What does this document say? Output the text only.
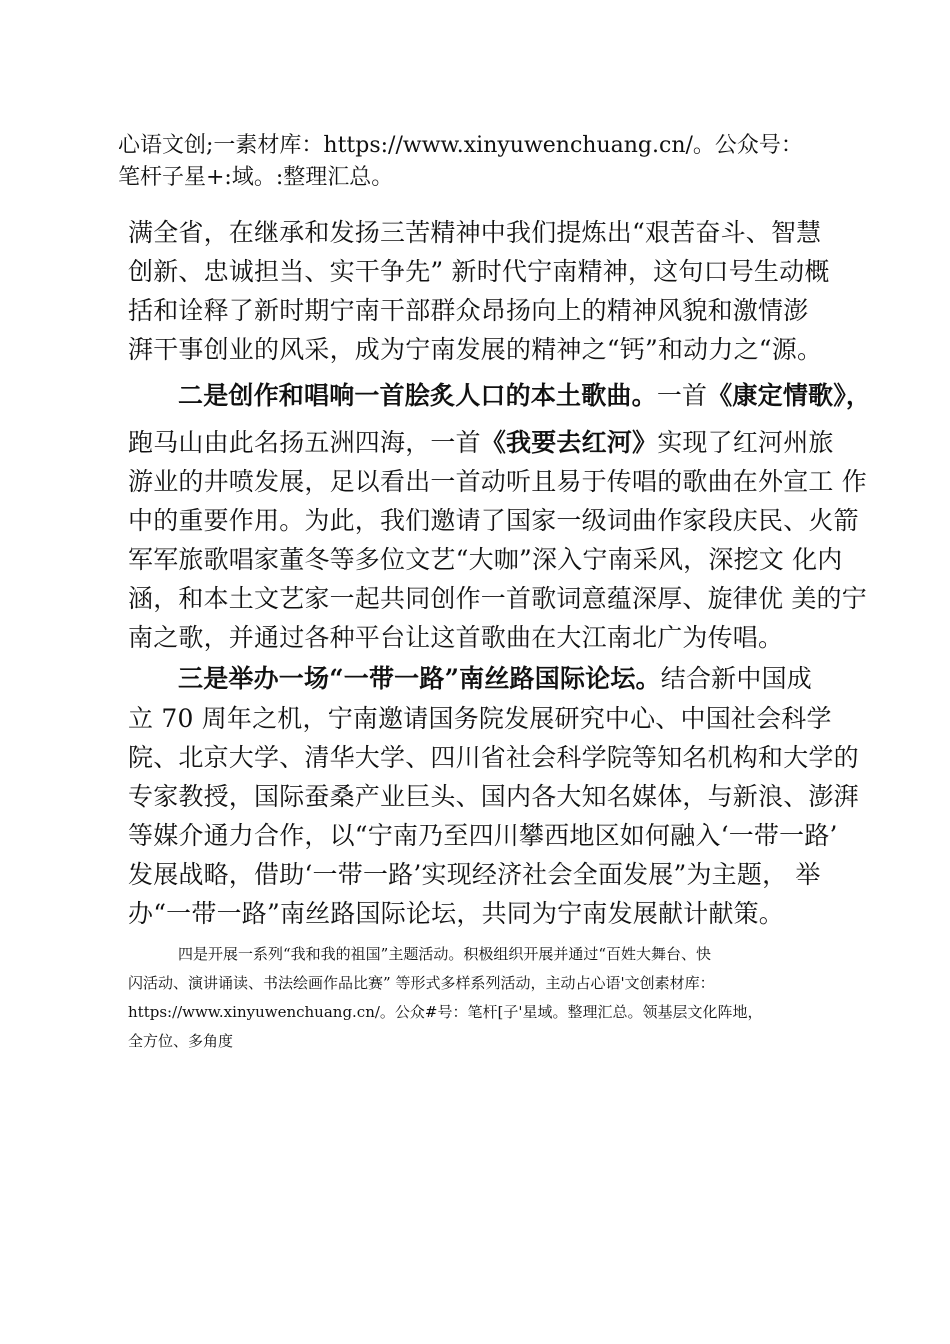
心语文创;一素材库：https://www.xinyuwenchuang.cn/。公众号：
笔杆子星+:域。:整理汇总。
满全省，在继承和发扬三苦精神中我们提炼出“艰苦奋斗、智慧
创新、忠诚担当、实干争先” 新时代宁南精神，这句口号生动概
括和诠释了新时期宁南干部群众昂扬向上的精神风貌和激情澎
湃干事创业的风采，成为宁南发展的精神之“钙”和动力之“源。
二是创作和唱响一首脍炙人口的本土歌曲。一首《康定情歌》，
跑马山由此名扬五洲四海，一首《我要去红河》实现了红河州旅
游业的井喷发展，足以看出一首动听且易于传唱的歌曲在外宣工 作
中的重要作用。为此，我们邀请了国家一级词曲作家段庆民、火箭
军军旅歌唱家董冬等多位文艺“大咖”深入宁南采风，深挖文 化内
涵，和本土文艺家一起共同创作一首歌词意蕴深厚、旋律优 美的宁
南之歌，并通过各种平台让这首歌曲在大江南北广为传唱。
三是举办一场“一带一路”南丝路国际论坛。结合新中国成
立 70 周年之机，宁南邀请国务院发展研究中心、中国社会科学
院、北京大学、清华大学、四川省社会科学院等知名机构和大学的
专家教授，国际蚕桑产业巨头、国内各大知名媒体，与新浪、澎湃
等媒介通力合作，以“宁南乃至四川攀西地区如何融入‘一带一路’
发展战略，借助‘一带一路’实现经济社会全面发展”为主题， 举
办“一带一路”南丝路国际论坛，共同为宁南发展献计献策。
四是开展一系列“我和我的祖国”主题活动。积极组织开展并通过“百姓大舞台、快
闪活动、演讲诵读、书法绘画作品比赛” 等形式多样系列活动，主动占心语'文创素材库：
https://www.xinyuwenchuang.cn/。公众#号：笔杆[子'星域。整理汇总。领基层文化阵地，
全方位、多角度
